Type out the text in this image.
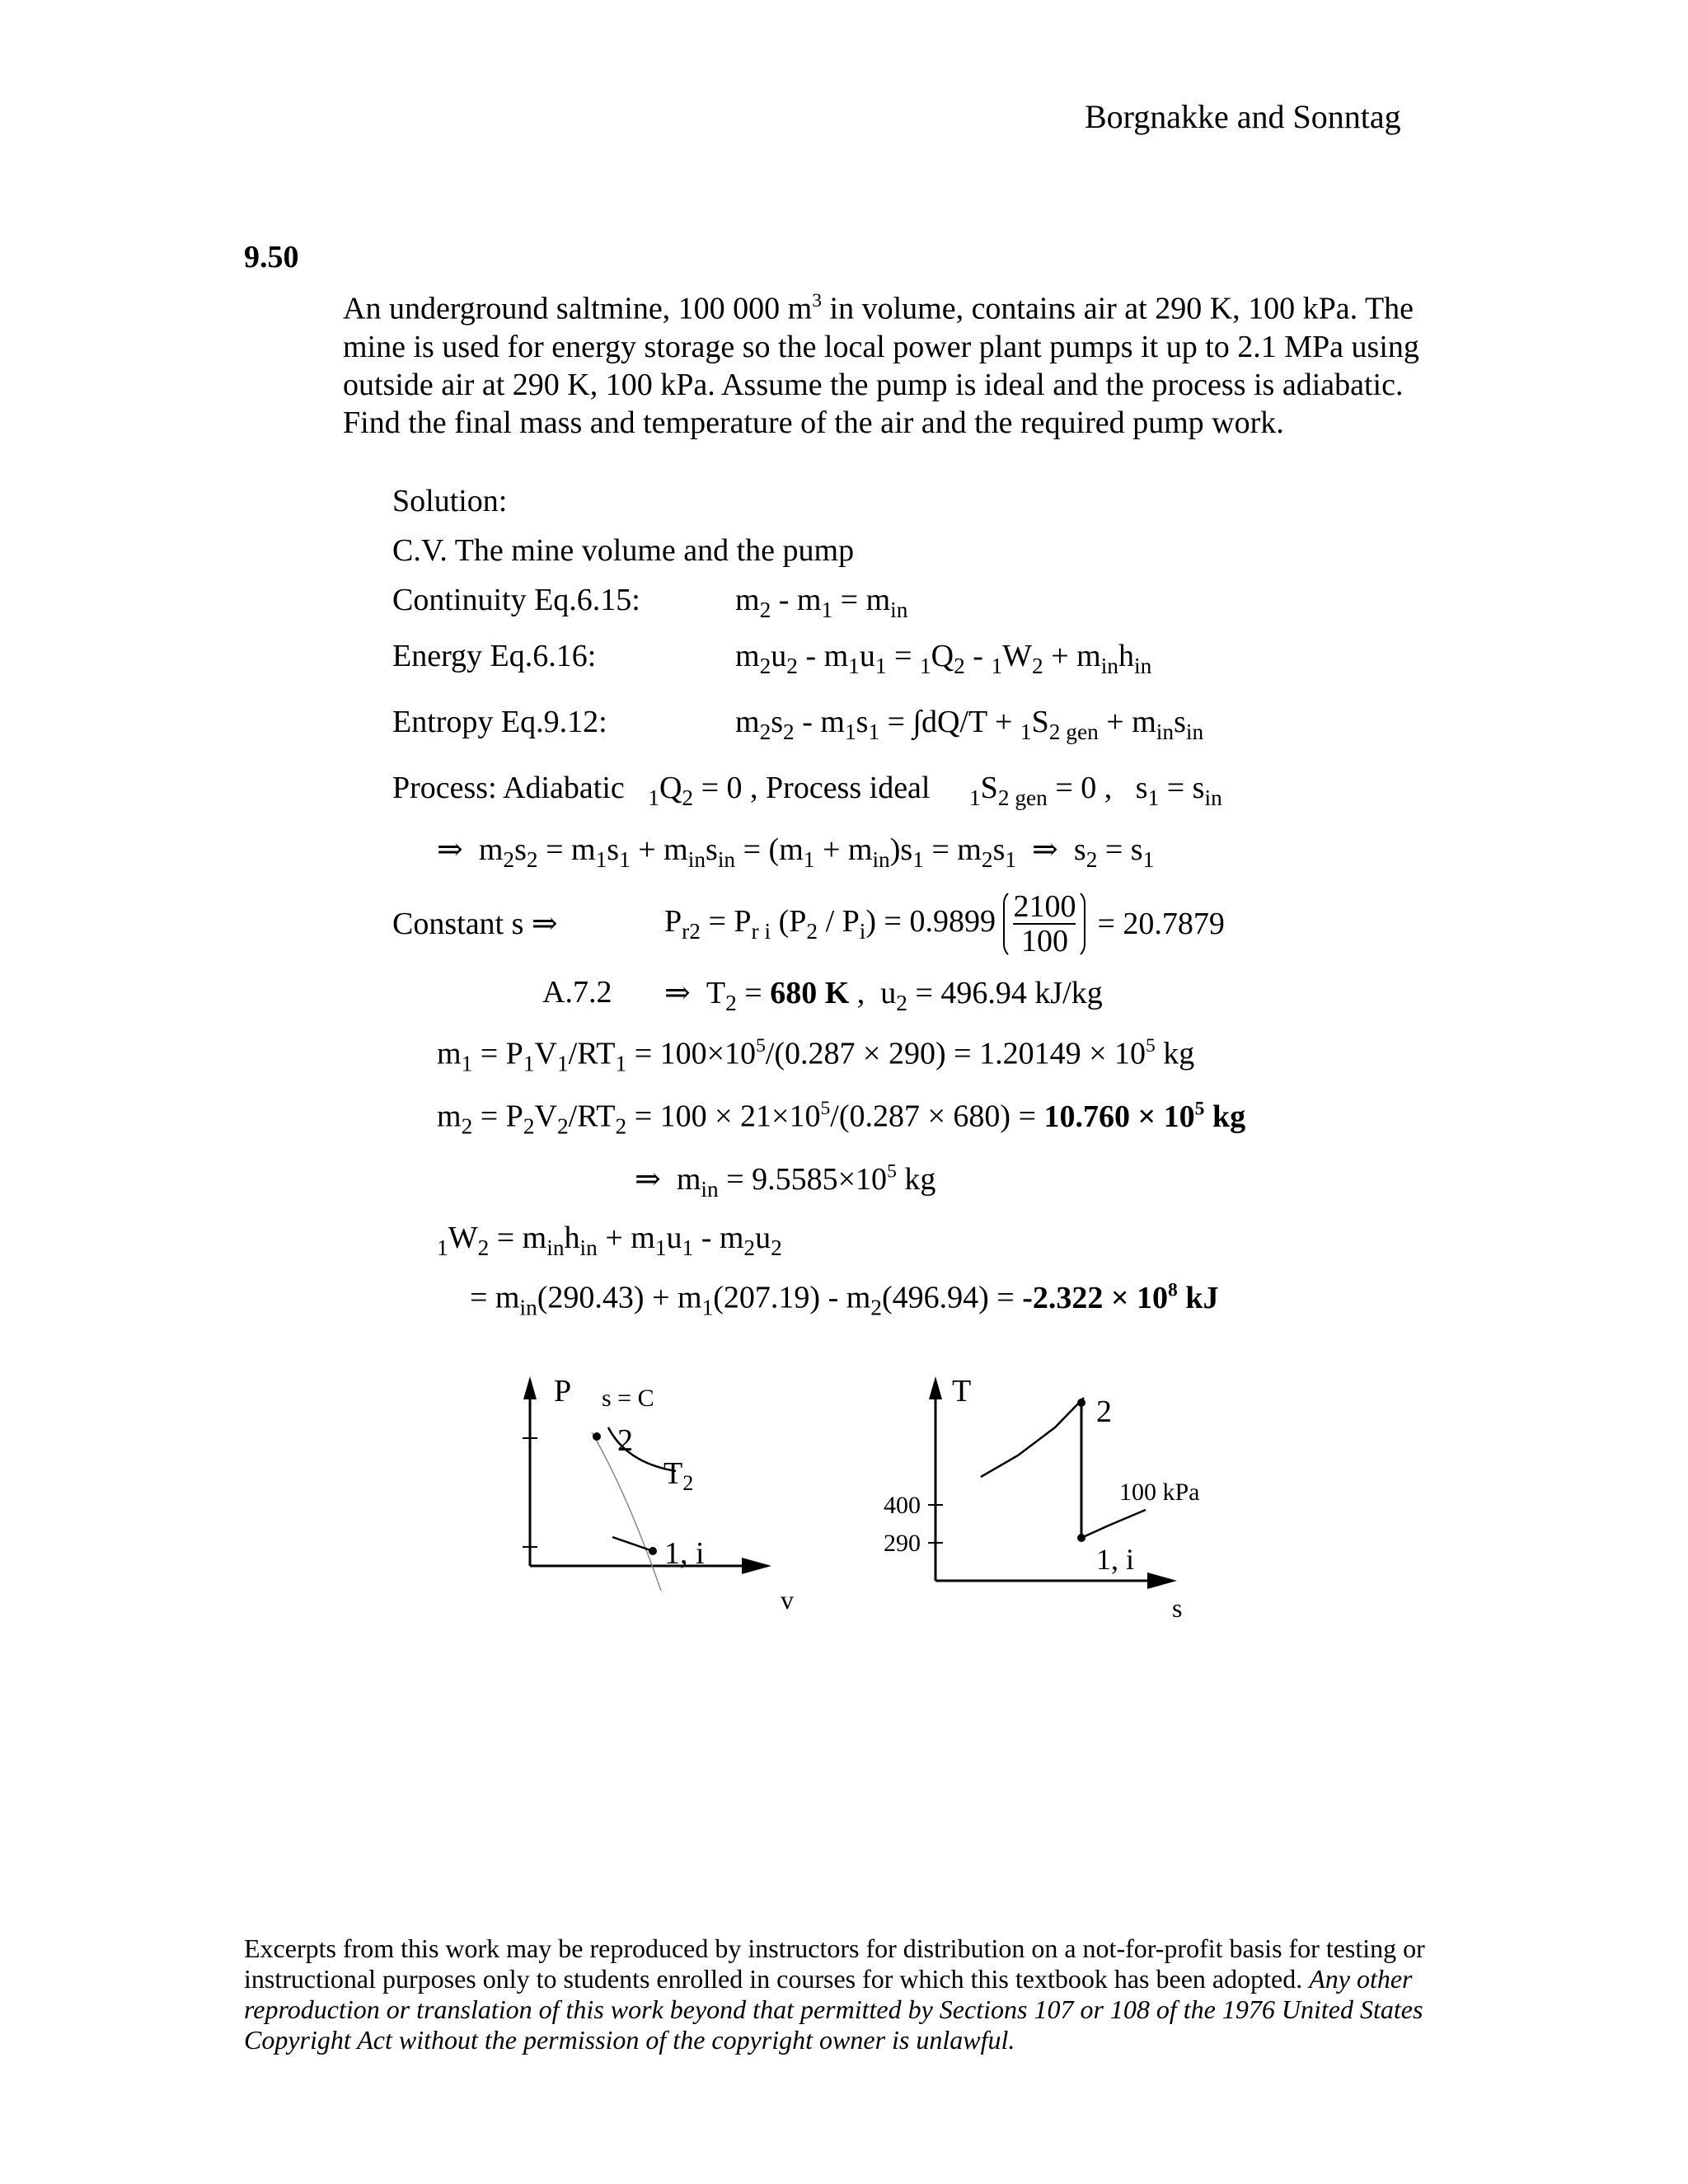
Borgnakke and Sonntag
9.50
An underground saltmine, 100 000 $m^3$ in volume, contains air at 290 K, 100 kPa. The mine is used for energy storage so the local power plant pumps it up to 2.1 MPa using outside air at 290 K, 100 kPa. Assume the pump is ideal and the process is adiabatic. Find the final mass and temperature of the air and the required pump work.
Solution:
C.V. The mine volume and the pump
Continuity Eq.6.15:	$m_2 - m_1 = m_{in}$
Energy Eq.6.16:	$m_2u_2 - m_1u_1 = _1Q_2 - _1W_2 + m_{in}h_{in}$
Entropy Eq.9.12:	$m_2s_2 - m_1s_1 = \int dQ/T + _1S_{2 gen} + m_{in}s_{in}$
Process: Adiabatic $_1Q_2 = 0$ , Process ideal     $_1S_{2 gen} = 0$ ,   $s_1 = s_{in}$
⇒  $m_2s_2 = m_1s_1 + m_{in}s_{in} = (m_1 + m_{in})s_1 = m_2s_1$  ⇒  $s_2 = s_1$
Constant s ⇒	$P_{r2} = P_{r i}$ $(P_2 / P_i) = 0.9899 \frac{2100}{100} = 20.7879$
A.7.2 ⇒  $T_2 = 680$ K ,  $u_2 = 496.94$ kJ/kg
$m_1 = P_1V_1/RT_1 = 100\times 10^5/(0.287 \times 290) = 1.20149 \times 10^5$ kg
$m_2 = P_2V_2/RT_2 = 100 \times 21\times 10^5/(0.287 \times 680) = 10.760 \times 10^5$ kg
⇒  $m_{in} = 9.5585\times 10^5$ kg
$_1W_2 = m_{in}h_{in} + m_1u_1 - m_2u_2$
= $m_{in}(290.43) + m_1(207.19) - m_2(496.94) = -2.322 \times 10^8$ kJ
P s = C
2
$T_2$
1, i
v
T
2
100 kPa
400
290	1, i
s
Excerpts from this work may be reproduced by instructors for distribution on a not-for-profit basis for testing or instructional purposes only to students enrolled in courses for which this textbook has been adopted. Any other reproduction or translation of this work beyond that permitted by Sections 107 or 108 of the 1976 United States Copyright Act without the permission of the copyright owner is unlawful.
